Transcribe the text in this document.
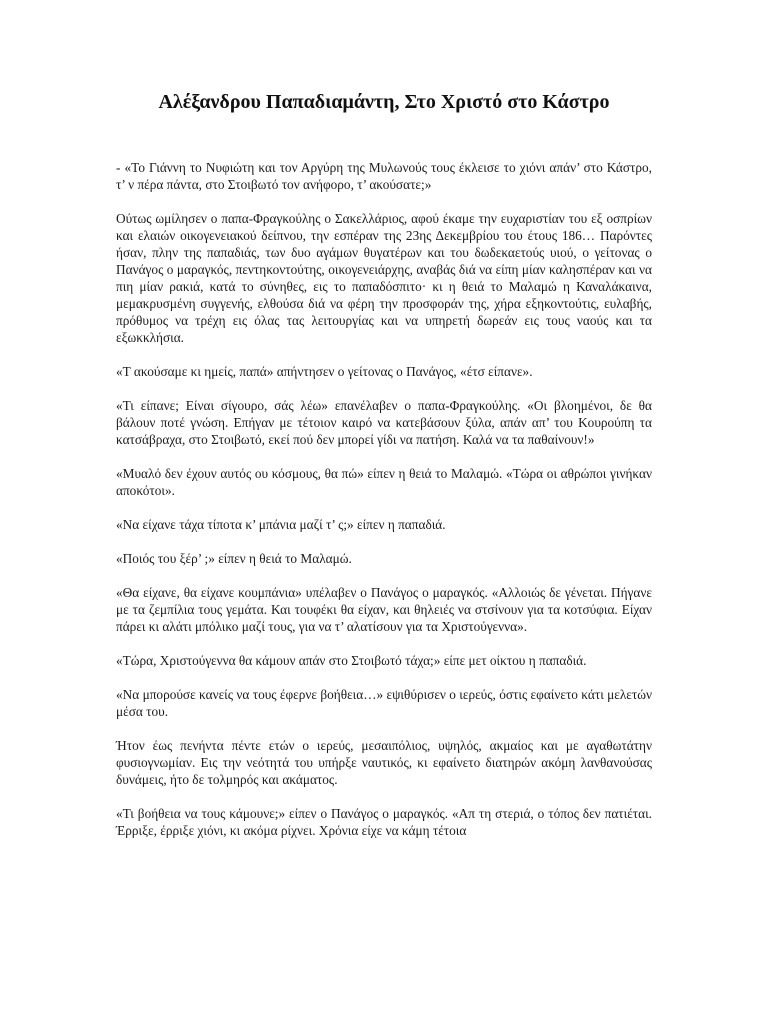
Αλέξανδρου Παπαδιαμάντη, Στο Χριστό στο Κάστρο

- «Το Γιάννη το Νυφιώτη και τον Αργύρη της Μυλωνούς τους έκλεισε το χιόνι απάν’ στο Κάστρο, τ’ ν πέρα πάντα, στο Στοιβωτό τον ανήφορο, τ’ ακούσατε;»

Ούτως ωμίλησεν ο παπα-Φραγκούλης ο Σακελλάριος, αφού έκαμε την ευχαριστίαν του εξ οσπρίων και ελαιών οικογενειακού δείπνου, την εσπέραν της 23ης Δεκεμβρίου του έτους 186… Παρόντες ήσαν, πλην της παπαδιάς, των δυο αγάμων θυγατέρων και του δωδεκαετούς υιού, ο γείτονας ο Πανάγος ο μαραγκός, πεντηκοντούτης, οικογενειάρχης, αναβάς διά να είπη μίαν καλησπέραν και να πιη μίαν ρακιά, κατά το σύνηθες, εις το παπαδόσπιτο· κι η θειά το Μαλαμώ η Καναλάκαινα, μεμακρυσμένη συγγενής, ελθούσα διά να φέρη την προσφοράν της, χήρα εξηκοντούτις, ευλαβής, πρόθυμος να τρέχη εις όλας τας λειτουργίας και να υπηρετή δωρεάν εις τους ναούς και τα εξωκκλήσια.

«Τ ακούσαμε κι ημείς, παπά» απήντησεν ο γείτονας ο Πανάγος, «έτσ είπανε».

«Τι είπανε; Είναι σίγουρο, σάς λέω» επανέλαβεν ο παπα-Φραγκούλης. «Οι βλοημένοι, δε θα βάλουν ποτέ γνώση. Επήγαν με τέτοιον καιρό να κατεβάσουν ξύλα, απάν απ’ του Κουρούπη τα κατσάβραχα, στο Στοιβωτό, εκεί πού δεν μπορεί γίδι να πατήση. Καλά να τα παθαίνουν!»

«Μυαλό δεν έχουν αυτός ου κόσμους, θα πώ» είπεν η θειά το Μαλαμώ. «Τώρα οι αθρώποι γινήκαν αποκότοι».

«Να είχανε τάχα τίποτα κ’ μπάνια μαζί τ’ ς;» είπεν η παπαδιά.

«Ποιός του ξέρ’ ;» είπεν η θειά το Μαλαμώ.

«Θα είχανε, θα είχανε κουμπάνια» υπέλαβεν ο Πανάγος ο μαραγκός. «Αλλοιώς δε γένεται. Πήγανε με τα ζεμπίλια τους γεμάτα. Και τουφέκι θα είχαν, και θηλειές να στσίνουν για τα κοτσύφια. Είχαν πάρει κι αλάτι μπόλικο μαζί τους, για να τ’ αλατίσουν για τα Χριστούγεννα».

«Τώρα, Χριστούγεννα θα κάμουν απάν στο Στοιβωτό τάχα;» είπε μετ οίκτου η παπαδιά.

«Να μπορούσε κανείς να τους έφερνε βοήθεια…» εψιθύρισεν ο ιερεύς, όστις εφαίνετο κάτι μελετών μέσα του.

Ήτον έως πενήντα πέντε ετών ο ιερεύς, μεσαιπόλιος, υψηλός, ακμαίος και με αγαθωτάτην φυσιογνωμίαν. Εις την νεότητά του υπήρξε ναυτικός, κι εφαίνετο διατηρών ακόμη λανθανούσας δυνάμεις, ήτο δε τολμηρός και ακάματος.

«Τι βοήθεια να τους κάμουνε;» είπεν ο Πανάγος ο μαραγκός. «Απ τη στεριά, ο τόπος δεν πατιέται. Έρριξε, έρριξε χιόνι, κι ακόμα ρίχνει. Χρόνια είχε να κάμη τέτοια
